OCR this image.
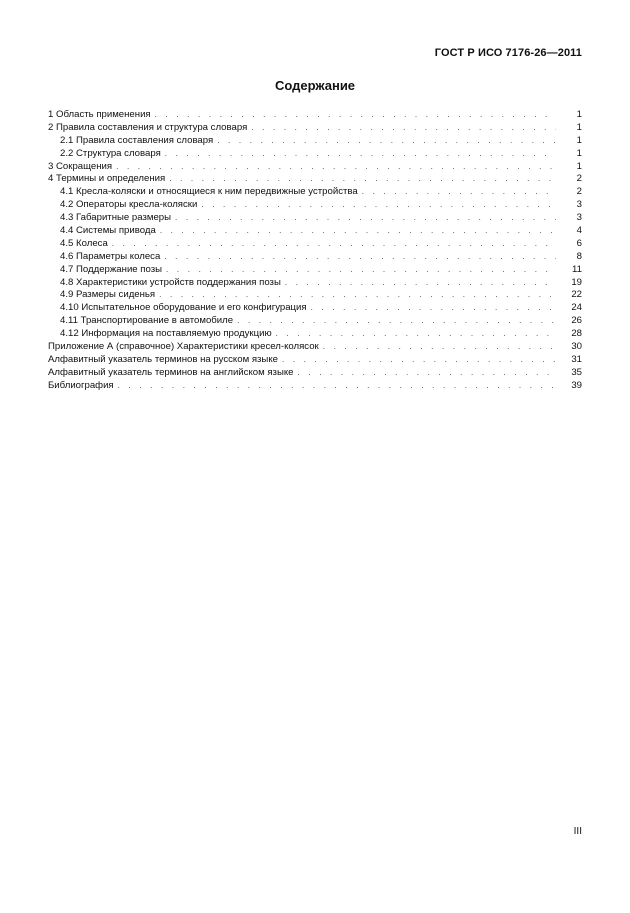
ГОСТ Р ИСО 7176-26—2011
Содержание
1 Область применения . . .	1
2 Правила составления и структура словаря . . .	1
2.1 Правила составления словаря . . .	1
2.2 Структура словаря . . .	1
3 Сокращения . . .	1
4 Термины и определения . . .	2
4.1 Кресла-коляски и относящиеся к ним передвижные устройства . . .	2
4.2 Операторы кресла-коляски . . .	3
4.3 Габаритные размеры . . .	3
4.4 Системы привода . . .	4
4.5 Колеса . . .	6
4.6 Параметры колеса . . .	8
4.7 Поддержание позы . . .	11
4.8 Характеристики устройств поддержания позы . . .	19
4.9 Размеры сиденья . . .	22
4.10 Испытательное оборудование и его конфигурация . . .	24
4.11 Транспортирование в автомобиле . . .	26
4.12 Информация на поставляемую продукцию . . .	28
Приложение А (справочное) Характеристики кресел-колясок . . .	30
Алфавитный указатель терминов на русском языке . . .	31
Алфавитный указатель терминов на английском языке . . .	35
Библиография . . .	39
III
